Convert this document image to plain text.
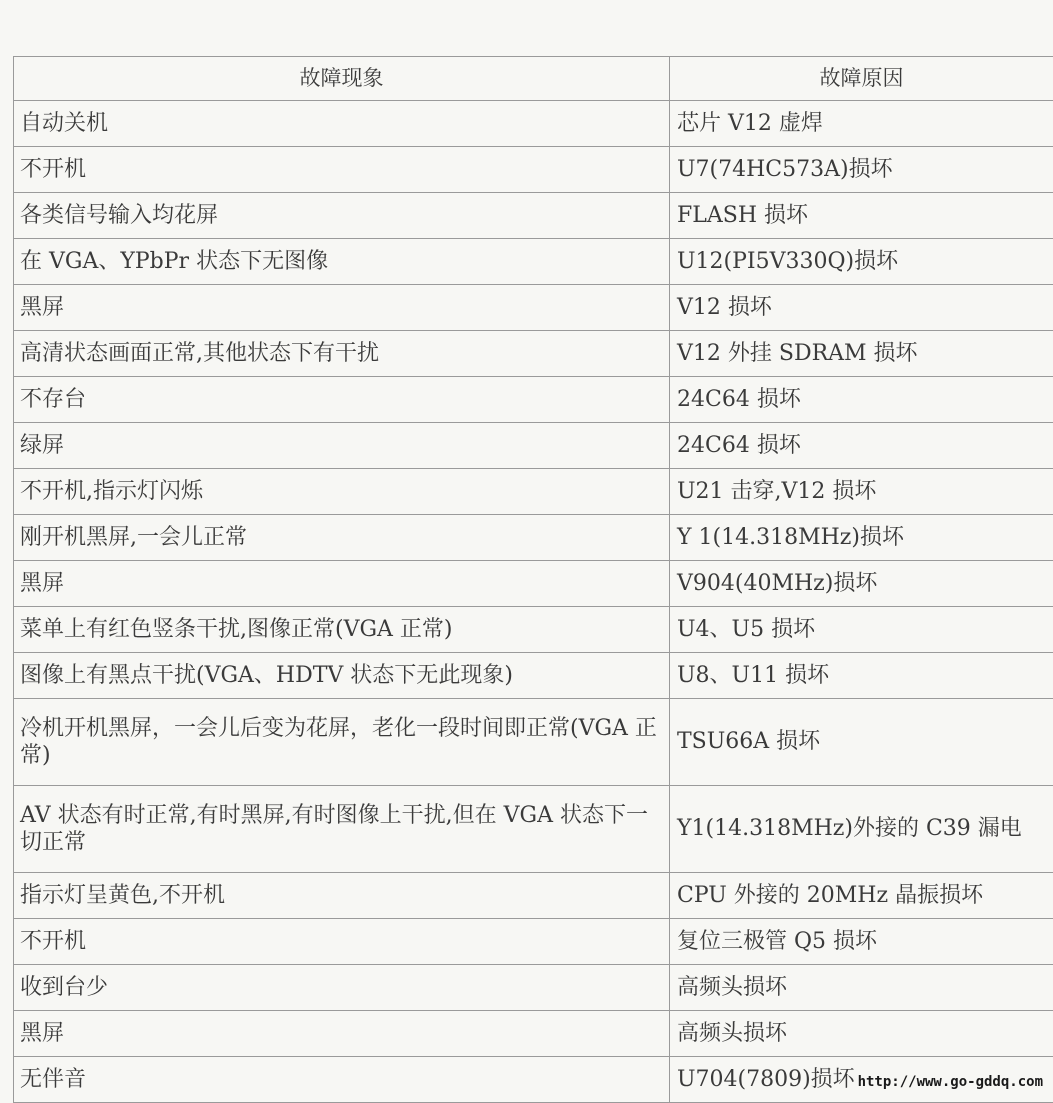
故障现象	故障原因
自动关机	芯片 V12 虚焊
不开机	U7(74HC573A)损坏
各类信号输入均花屏	FLASH 损坏
在 VGA、YPbPr 状态下无图像	U12(PI5V330Q)损坏
黑屏	V12 损坏
高清状态画面正常,其他状态下有干扰	V12 外挂 SDRAM 损坏
不存台	24C64 损坏
绿屏	24C64 损坏
不开机,指示灯闪烁	U21 击穿,V12 损坏
刚开机黑屏,一会儿正常	Y 1(14.318MHz)损坏
黑屏	V904(40MHz)损坏
菜单上有红色竖条干扰,图像正常(VGA 正常)	U4、U5 损坏
图像上有黑点干扰(VGA、HDTV 状态下无此现象)	U8、U11 损坏
冷机开机黑屏，一会儿后变为花屏，老化一段时间即正常(VGA 正常)	TSU66A 损坏
AV 状态有时正常,有时黑屏,有时图像上干扰,但在 VGA 状态下一切正常	Y1(14.318MHz)外接的 C39 漏电
指示灯呈黄色,不开机	CPU 外接的 20MHz 晶振损坏
不开机	复位三极管 Q5 损坏
收到台少	高频头损坏
黑屏	高频头损坏
无伴音	U704(7809)损坏 http://www.go-gddq.com
